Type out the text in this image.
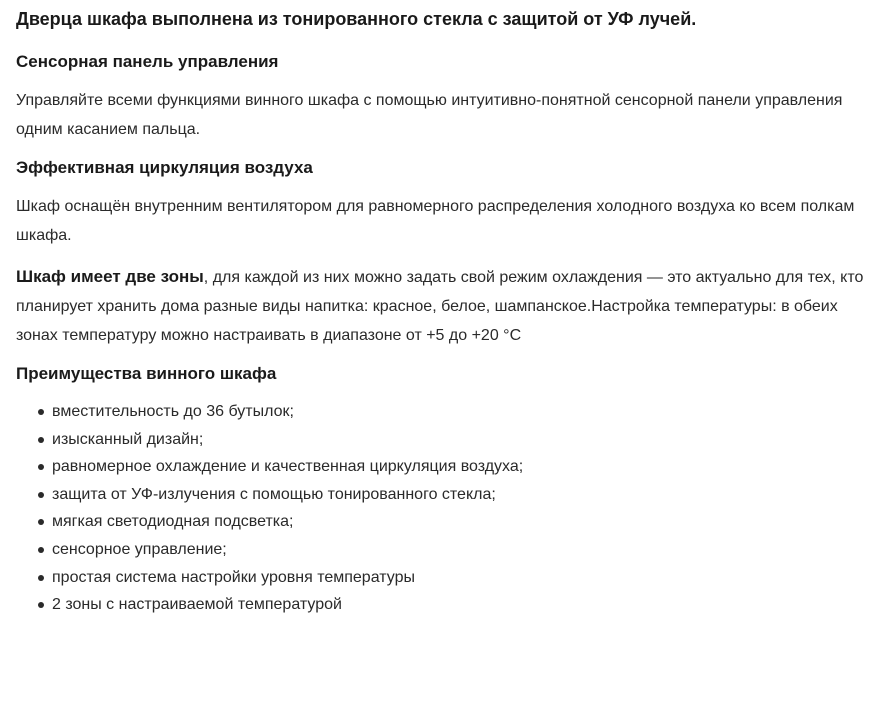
Дверца шкафа выполнена из тонированного стекла с защитой от УФ лучей.
Сенсорная панель управления

Управляйте всеми функциями винного шкафа с помощью интуитивно-понятной сенсорной панели управления одним касанием пальца.

Эффективная циркуляция воздуха

Шкаф оснащён внутренним вентилятором для равномерного распределения холодного воздуха ко всем полкам шкафа.

Шкаф имеет две зоны, для каждой из них можно задать свой режим охлаждения — это актуально для тех, кто планирует хранить дома разные виды напитка: красное, белое, шампанское.Настройка температуры: в обеих зонах температуру можно настраивать в диапазоне от +5 до +20 °C

Преимущества винного шкафа
вместительность до 36 бутылок;
изысканный дизайн;
равномерное охлаждение и качественная циркуляция воздуха;
защита от УФ-излучения с помощью тонированного стекла;
мягкая светодиодная подсветка;
сенсорное управление;
простая система настройки уровня температуры
2 зоны с настраиваемой температурой
